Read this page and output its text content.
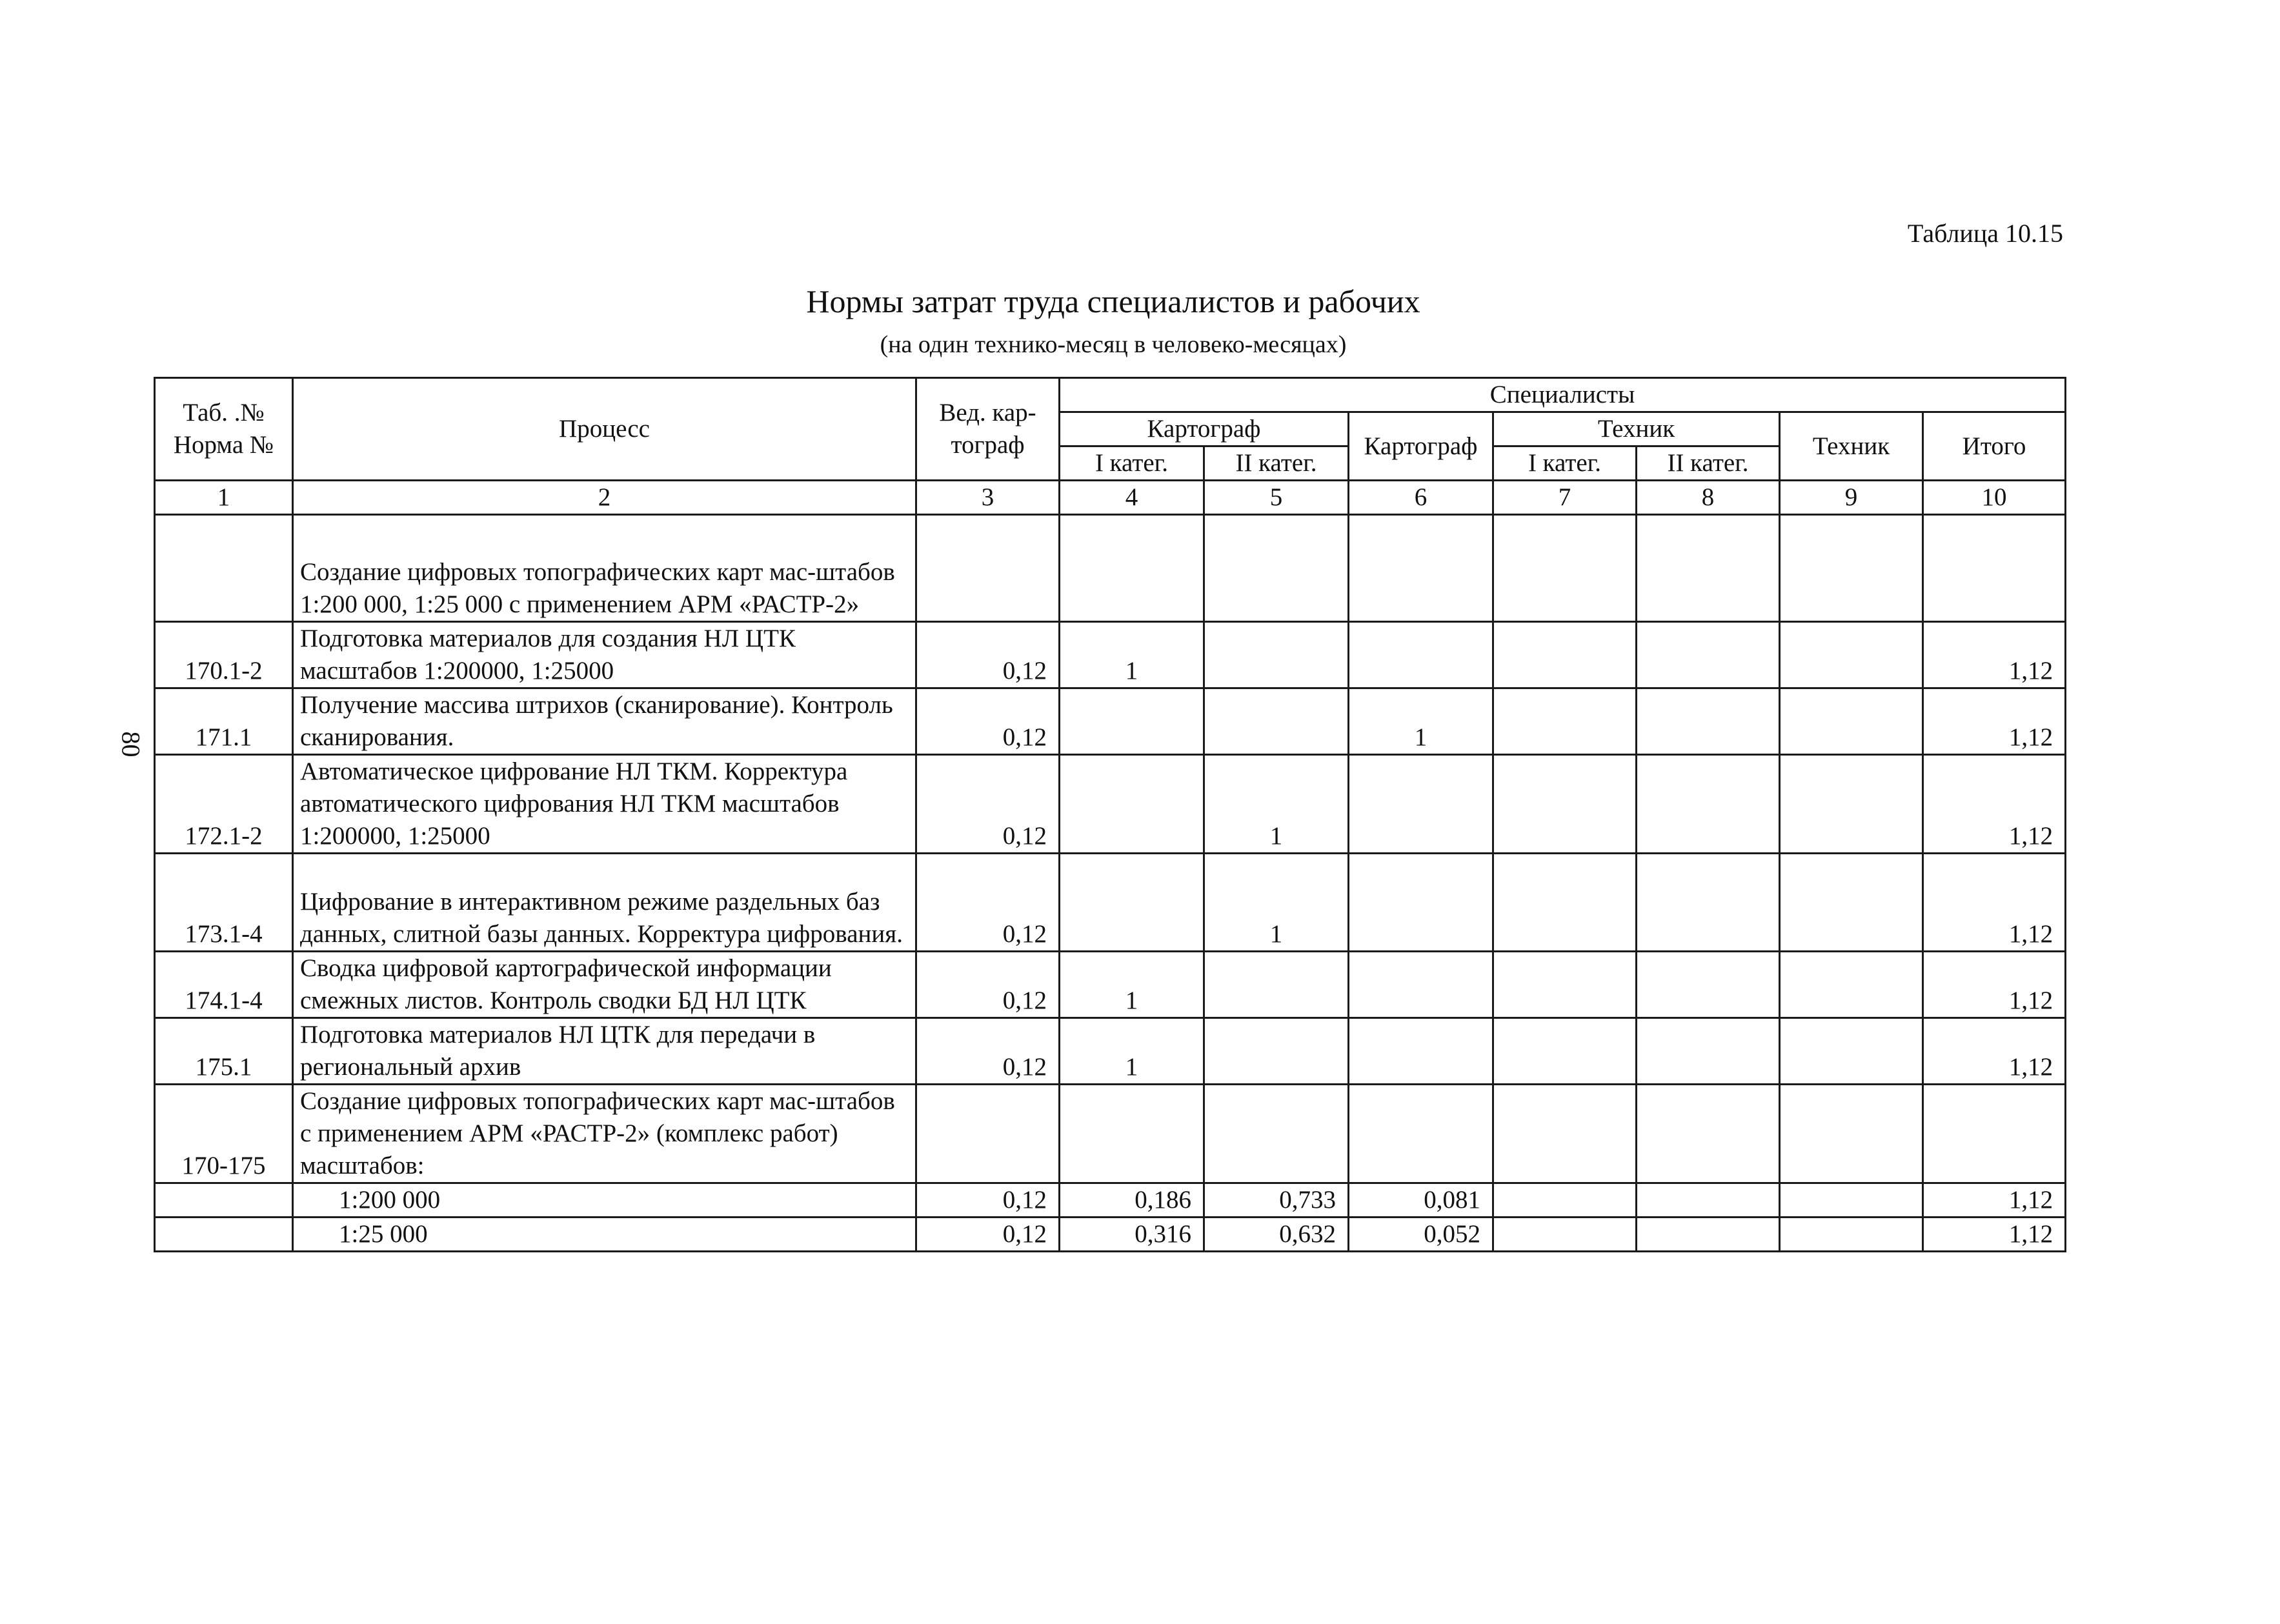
80
Таблица 10.15
Нормы затрат труда специалистов и рабочих
(на один технико-месяц в человеко-месяцах)
Таб. .№ Норма №	Процесс	Вед. кар-тограф	Специалисты						
			Картограф		Картограф	Техник		Техник	Итого
			I катег.	II катег.		I катег.	II катег.		
1	2	3	4	5	6	7	8	9	10
	Создание цифровых топографических карт мас-штабов 1:200 000, 1:25 000 с применением АРМ «РАСТР-2»								
170.1-2	Подготовка материалов для создания НЛ ЦТК масштабов 1:200000, 1:25000	0,12	1						1,12
171.1	Получение массива штрихов (сканирование). Контроль сканирования.	0,12			1				1,12
172.1-2	Автоматическое цифрование НЛ ТКМ. Корректура автоматического цифрования НЛ ТКМ масштабов 1:200000, 1:25000	0,12		1					1,12
173.1-4	Цифрование в интерактивном режиме раздельных баз данных, слитной базы данных. Корректура цифрования.	0,12		1					1,12
174.1-4	Сводка цифровой картографической информации смежных листов. Контроль сводки БД НЛ ЦТК	0,12	1						1,12
175.1	Подготовка материалов НЛ ЦТК для передачи в региональный архив	0,12	1						1,12
170-175	Создание цифровых топографических карт мас-штабов с применением АРМ «РАСТР-2» (комплекс работ) масштабов:								
	1:200 000	0,12	0,186	0,733	0,081				1,12
	1:25 000	0,12	0,316	0,632	0,052				1,12
